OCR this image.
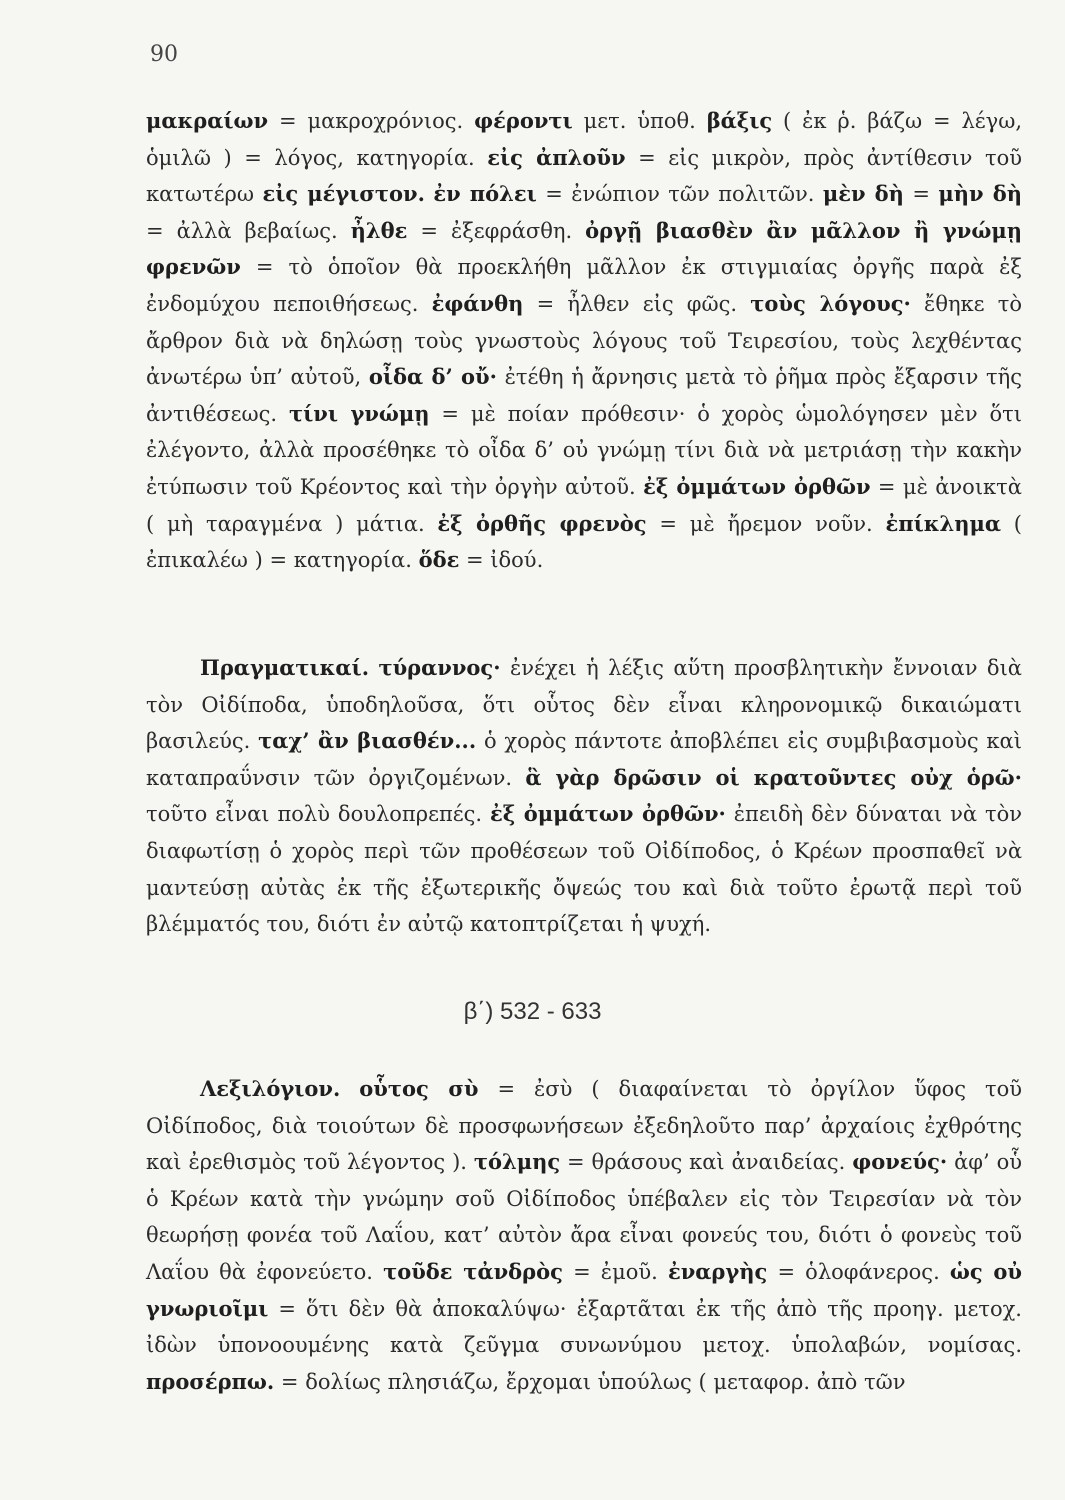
90

μακραίων = μακροχρόνιος. φέροντι μετ. ὑποθ. βάξις ( ἐκ ῥ. βάζω = λέγω, ὁμιλῶ ) = λόγος, κατηγορία. εἰς ἀπλοῦν = εἰς μικρὸν, πρὸς ἀντίθεσιν τοῦ κατωτέρω εἰς μέγιστον. ἐν πόλει = ἐνώπιον τῶν πολιτῶν. μὲν δὴ = μὴν δὴ = ἀλλὰ βεβαίως. ἦλθε = ἐξεφράσθη. ὀργῇ βιασθὲν ἂν μᾶλλον ἢ γνώμῃ φρενῶν = τὸ ὁποῖον θὰ προεκλήθη μᾶλλον ἐκ στιγμιαίας ὀργῆς παρὰ ἐξ ἐνδομύχου πεποιθήσεως. ἐφάνθη = ἦλθεν εἰς φῶς. τοὺς λόγους· ἔθηκε τὸ ἄρθρον διὰ νὰ δηλώσῃ τοὺς γνωστοὺς λόγους τοῦ Τειρεσίου, τοὺς λεχθέντας ἀνωτέρω ὑπ’ αὐτοῦ, οἶδα δ’ οὔ· ἐτέθη ἡ ἄρνησις μετὰ τὸ ῥῆμα πρὸς ἔξαρσιν τῆς ἀντιθέσεως. τίνι γνώμῃ = μὲ ποίαν πρόθεσιν· ὁ χορὸς ὡμολόγησεν μὲν ὅτι ἐλέγοντο, ἀλλὰ προσέθηκε τὸ οἶδα δ’ οὐ γνώμῃ τίνι διὰ νὰ μετριάσῃ τὴν κακὴν ἐτύπωσιν τοῦ Κρέοντος καὶ τὴν ὀργὴν αὐτοῦ. ἐξ ὀμμάτων ὀρθῶν = μὲ ἀνοικτὰ ( μὴ ταραγμένα ) μάτια. ἐξ ὀρθῆς φρενὸς = μὲ ἤρεμον νοῦν. ἐπίκλημα ( ἐπικαλέω ) = κατηγορία. ὅδε = ἰδού.

Πραγματικαί. τύραννος· ἐνέχει ἡ λέξις αὕτη προσβλητικὴν ἔννοιαν διὰ τὸν Οἰδίποδα, ὑποδηλοῦσα, ὅτι οὗτος δὲν εἶναι κληρονομικῷ δικαιώματι βασιλεύς. ταχ’ ἂν βιασθέν... ὁ χορὸς πάντοτε ἀποβλέπει εἰς συμβιβασμοὺς καὶ καταπραΰνσιν τῶν ὀργιζομένων. ἃ γὰρ δρῶσιν οἱ κρατοῦντες οὐχ ὁρῶ· τοῦτο εἶναι πολὺ δουλοπρεπές. ἐξ ὀμμάτων ὀρθῶν· ἐπειδὴ δὲν δύναται νὰ τὸν διαφωτίσῃ ὁ χορὸς περὶ τῶν προθέσεων τοῦ Οἰδίποδος, ὁ Κρέων προσπαθεῖ νὰ μαντεύσῃ αὐτὰς ἐκ τῆς ἐξωτερικῆς ὄψεώς του καὶ διὰ τοῦτο ἐρωτᾷ περὶ τοῦ βλέμματός του, διότι ἐν αὐτῷ κατοπτρίζεται ἡ ψυχή.

β΄) 532 - 633

Λεξιλόγιον. οὗτος σὺ = ἐσὺ ( διαφαίνεται τὸ ὀργίλον ὕφος τοῦ Οἰδίποδος, διὰ τοιούτων δὲ προσφωνήσεων ἐξεδηλοῦτο παρ’ ἀρχαίοις ἐχθρότης καὶ ἐρεθισμὸς τοῦ λέγοντος ). τόλμης = θράσους καὶ ἀναιδείας. φονεύς· ἀφ’ οὗ ὁ Κρέων κατὰ τὴν γνώμην σοῦ Οἰδίποδος ὑπέβαλεν εἰς τὸν Τειρεσίαν νὰ τὸν θεωρήσῃ φονέα τοῦ Λαΐου, κατ’ αὐτὸν ἄρα εἶναι φονεύς του, διότι ὁ φονεὺς τοῦ Λαΐου θὰ ἐφονεύετο. τοῦδε τἀνδρὸς = ἐμοῦ. ἐναργὴς = ὁλοφάνερος. ὡς οὐ γνωριοῖμι = ὅτι δὲν θὰ ἀποκαλύψω· ἐξαρτᾶται ἐκ τῆς ἀπὸ τῆς προηγ. μετοχ. ἰδὼν ὑπονοουμένης κατὰ ζεῦγμα συνωνύμου μετοχ. ὑπολαβών, νομίσας. προσέρπω. = δολίως πλησιάζω, ἔρχομαι ὑπούλως ( μεταφορ. ἀπὸ τῶν
